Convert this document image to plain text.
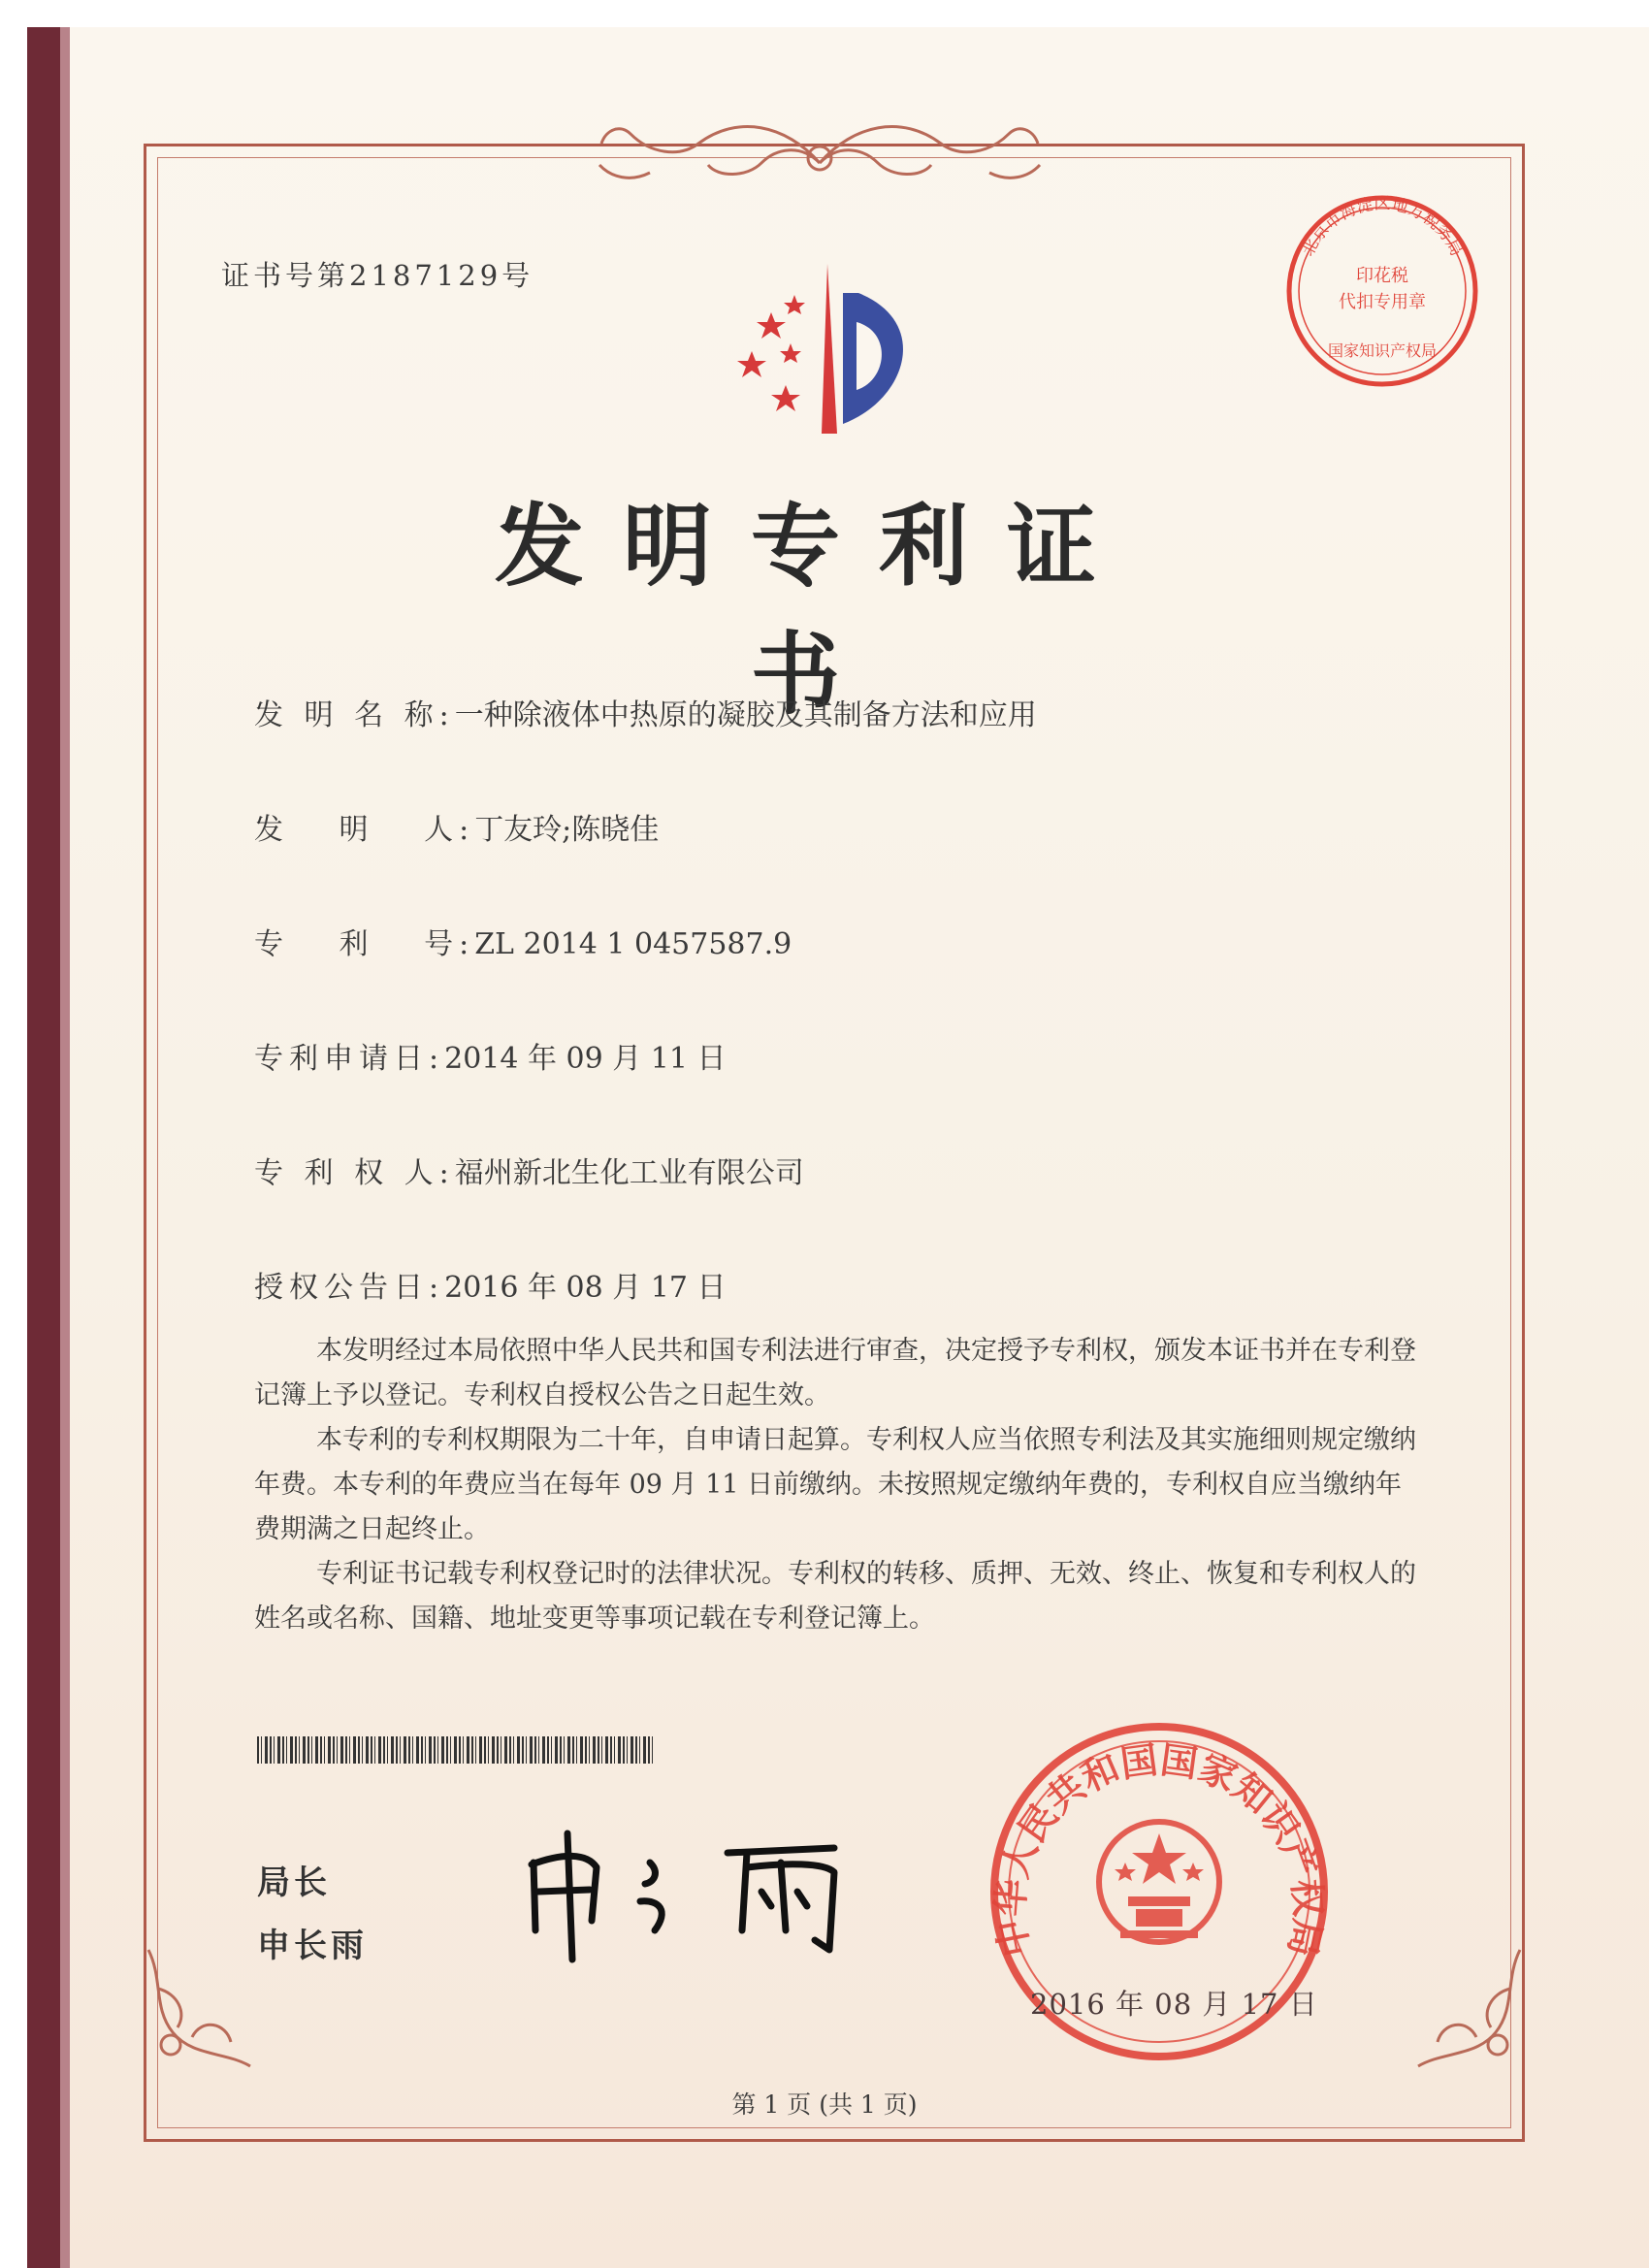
证书号第2187129号
北京市海淀区地方税务局
印花税
代扣专用章
国家知识产权局
发明专利证书
发 明 名 称:一种除液体中热原的凝胶及其制备方法和应用
发　 明　 人:丁友玲;陈晓佳
专　 利　 号:ZL 2014 1 0457587.9
专利申请日:2014 年 09 月 11 日
专 利 权 人:福州新北生化工业有限公司
授权公告日:2016 年 08 月 17 日

本发明经过本局依照中华人民共和国专利法进行审查，决定授予专利权，颁发本证书并在专利登记簿上予以登记。专利权自授权公告之日起生效。

本专利的专利权期限为二十年，自申请日起算。专利权人应当依照专利法及其实施细则规定缴纳年费。本专利的年费应当在每年 09 月 11 日前缴纳。未按照规定缴纳年费的，专利权自应当缴纳年费期满之日起终止。

专利证书记载专利权登记时的法律状况。专利权的转移、质押、无效、终止、恢复和专利权人的姓名或名称、国籍、地址变更等事项记载在专利登记簿上。

局长
申长雨	中华人民共和国国家知识产权局
2016 年 08 月 17 日
第 1 页 (共 1 页)
